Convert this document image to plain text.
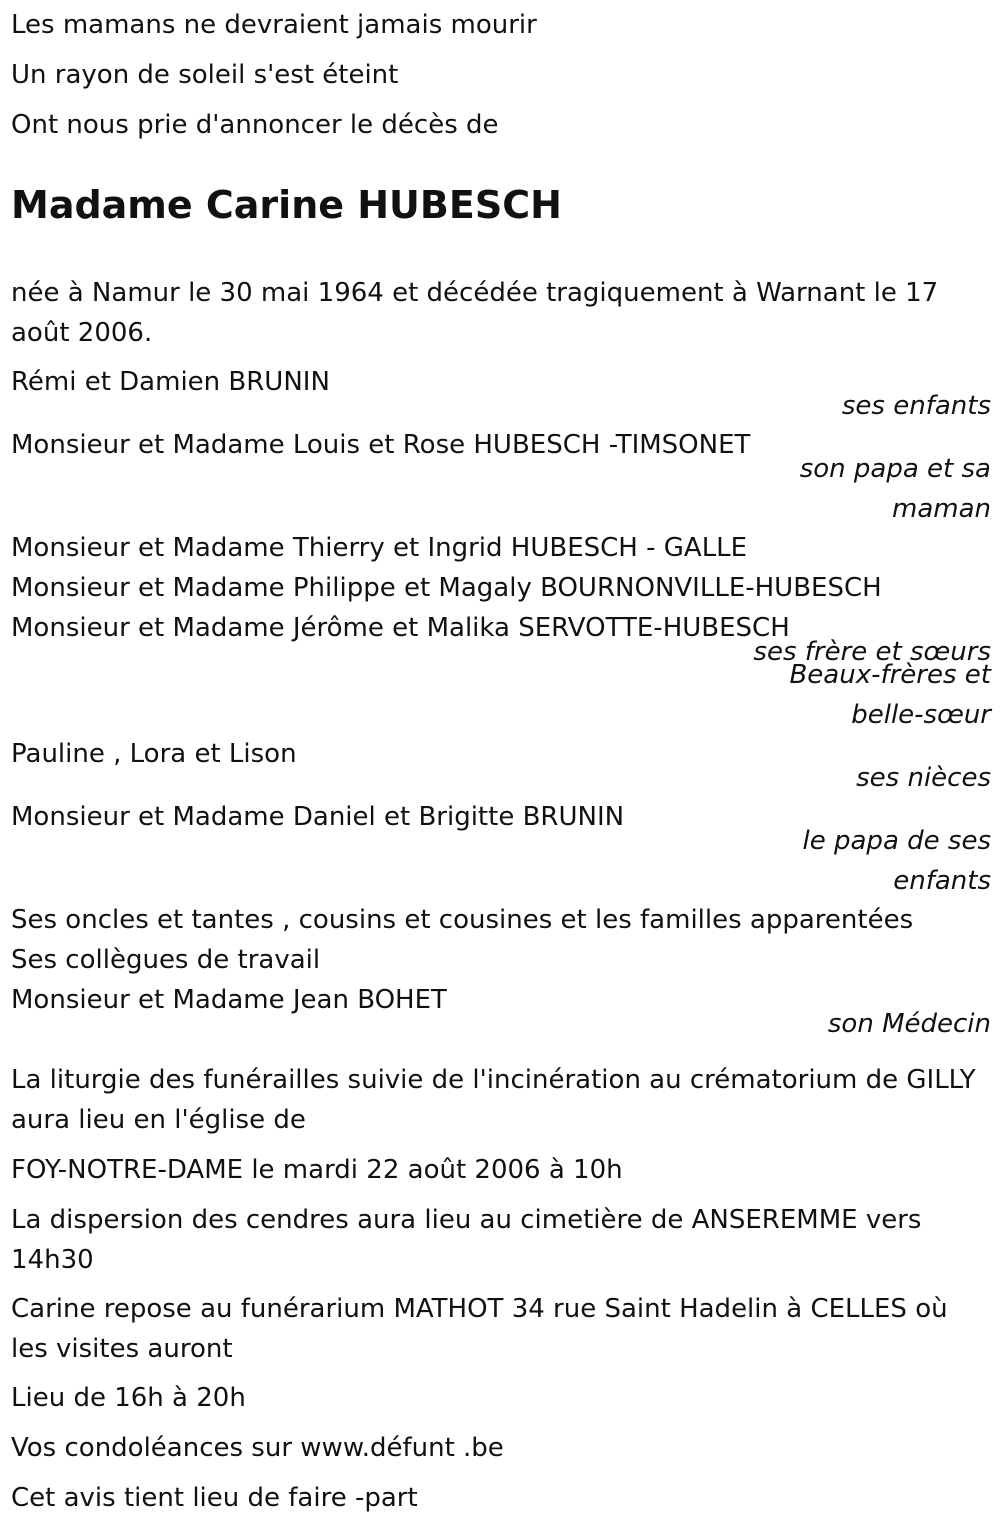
Les mamans ne devraient jamais mourir
Un rayon de soleil s'est éteint
Ont nous prie d'annoncer le décès de
Madame Carine HUBESCH
née à Namur le 30 mai 1964 et décédée tragiquement à Warnant le 17 août 2006.
Rémi et Damien BRUNIN
ses enfants
Monsieur et Madame Louis et Rose HUBESCH -TIMSONET
son papa et sa
maman
Monsieur et Madame Thierry et Ingrid HUBESCH - GALLE
Monsieur et Madame Philippe et Magaly BOURNONVILLE-HUBESCH
Monsieur et Madame Jérôme et Malika SERVOTTE-HUBESCH
ses frère et sœurs
Beaux-frères et
belle-sœur
Pauline , Lora et Lison
ses nièces
Monsieur et Madame Daniel et Brigitte BRUNIN
le papa de ses
enfants
Ses oncles et tantes , cousins et cousines et les familles apparentées
Ses collègues de travail
Monsieur et Madame Jean BOHET
son Médecin
La liturgie des funérailles suivie de l'incinération au crématorium de GILLY aura lieu en l'église de
FOY-NOTRE-DAME le mardi 22 août 2006 à 10h
La dispersion des cendres aura lieu au cimetière de ANSEREMME vers 14h30
Carine repose au funérarium MATHOT 34 rue Saint Hadelin à CELLES où les visites auront
Lieu de 16h à 20h
Vos condoléances sur www.défunt .be
Cet avis tient lieu de faire -part
